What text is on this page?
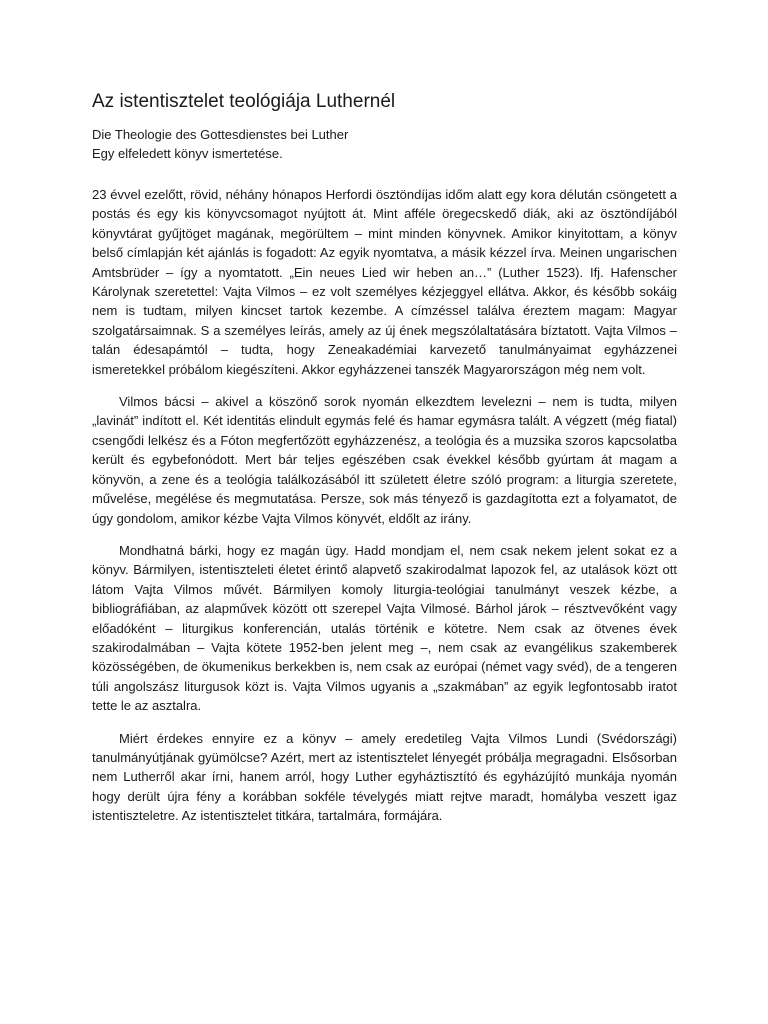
Az istentisztelet teológiája Luthernél

Die Theologie des Gottesdienstes bei Luther

Egy elfeledett könyv ismertetése.

23 évvel ezelőtt, rövid, néhány hónapos Herfordi ösztöndíjas időm alatt egy kora délután csöngetett a postás és egy kis könyvcsomagot nyújtott át. Mint afféle öregecskedő diák, aki az ösztöndíjából könyvtárat gyűjtöget magának, megörültem – mint minden könyvnek. Amikor kinyitottam, a könyv belső címlapján két ajánlás is fogadott: Az egyik nyomtatva, a másik kézzel írva. Meinen ungarischen Amtsbrüder – így a nyomtatott. „Ein neues Lied wir heben an…” (Luther 1523). Ifj. Hafenscher Károlynak szeretettel: Vajta Vilmos – ez volt személyes kézjeggyel ellátva. Akkor, és később sokáig nem is tudtam, milyen kincset tartok kezembe. A címzéssel találva éreztem magam: Magyar szolgatársaimnak. S a személyes leírás, amely az új ének megszólaltatására bíztatott. Vajta Vilmos – talán édesapámtól – tudta, hogy Zeneakadémiai karvezető tanulmányaimat egyházzenei ismeretekkel próbálom kiegészíteni. Akkor egyházzenei tanszék Magyarországon még nem volt.

Vilmos bácsi – akivel a köszönő sorok nyomán elkezdtem levelezni – nem is tudta, milyen „lavinát” indított el. Két identitás elindult egymás felé és hamar egymásra talált. A végzett (még fiatal) csengődi lelkész és a Fóton megfertőzött egyházzenész, a teológia és a muzsika szoros kapcsolatba került és egybefonódott. Mert bár teljes egészében csak évekkel később gyúrtam át magam a könyvön, a zene és a teológia találkozásából itt született életre szóló program: a liturgia szeretete, művelése, megélése és megmutatása. Persze, sok más tényező is gazdagította ezt a folyamatot, de úgy gondolom, amikor kézbe Vajta Vilmos könyvét, eldőlt az irány.

Mondhatná bárki, hogy ez magán ügy. Hadd mondjam el, nem csak nekem jelent sokat ez a könyv. Bármilyen, istentiszteleti életet érintő alapvető szakirodalmat lapozok fel, az utalások közt ott látom Vajta Vilmos művét. Bármilyen komoly liturgia-teológiai tanulmányt veszek kézbe, a bibliográfiában, az alapművek között ott szerepel Vajta Vilmosé. Bárhol járok – résztvevőként vagy előadóként – liturgikus konferencián, utalás történik e kötetre. Nem csak az ötvenes évek szakirodalmában – Vajta kötete 1952-ben jelent meg –, nem csak az evangélikus szakemberek közösségében, de ökumenikus berkekben is, nem csak az európai (német vagy svéd), de a tengeren túli angolszász liturgusok közt is. Vajta Vilmos ugyanis a „szakmában” az egyik legfontosabb iratot tette le az asztalra.

Miért érdekes ennyire ez a könyv – amely eredetileg Vajta Vilmos Lundi (Svédországi) tanulmányútjának gyümölcse? Azért, mert az istentisztelet lényegét próbálja megragadni. Elsősorban nem Lutherről akar írni, hanem arról, hogy Luther egyháztisztító és egyházújító munkája nyomán hogy derült újra fény a korábban sokféle tévelygés miatt rejtve maradt, homályba veszett igaz istentiszteletre. Az istentisztelet titkára, tartalmára, formájára.
